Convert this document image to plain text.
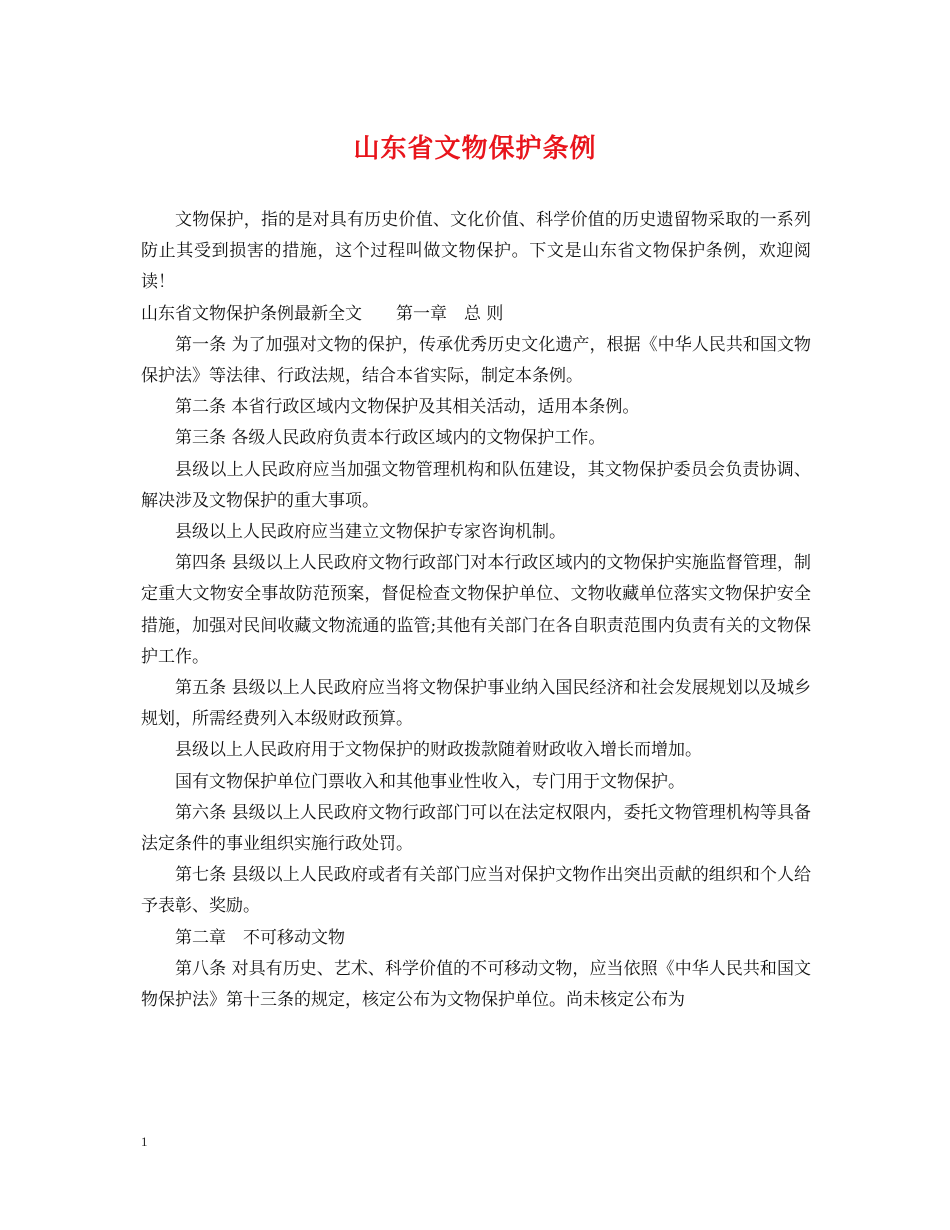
山东省文物保护条例

文物保护，指的是对具有历史价值、文化价值、科学价值的历史遗留物采取的一系列防止其受到损害的措施，这个过程叫做文物保护。下文是山东省文物保护条例，欢迎阅读！

山东省文物保护条例最新全文　　第一章　总 则

第一条 为了加强对文物的保护，传承优秀历史文化遗产，根据《中华人民共和国文物保护法》等法律、行政法规，结合本省实际，制定本条例。

第二条 本省行政区域内文物保护及其相关活动，适用本条例。

第三条 各级人民政府负责本行政区域内的文物保护工作。

县级以上人民政府应当加强文物管理机构和队伍建设，其文物保护委员会负责协调、解决涉及文物保护的重大事项。

县级以上人民政府应当建立文物保护专家咨询机制。

第四条 县级以上人民政府文物行政部门对本行政区域内的文物保护实施监督管理，制定重大文物安全事故防范预案，督促检查文物保护单位、文物收藏单位落实文物保护安全措施，加强对民间收藏文物流通的监管;其他有关部门在各自职责范围内负责有关的文物保护工作。

第五条 县级以上人民政府应当将文物保护事业纳入国民经济和社会发展规划以及城乡规划，所需经费列入本级财政预算。

县级以上人民政府用于文物保护的财政拨款随着财政收入增长而增加。

国有文物保护单位门票收入和其他事业性收入，专门用于文物保护。

第六条 县级以上人民政府文物行政部门可以在法定权限内，委托文物管理机构等具备法定条件的事业组织实施行政处罚。

第七条 县级以上人民政府或者有关部门应当对保护文物作出突出贡献的组织和个人给予表彰、奖励。

第二章　不可移动文物

第八条 对具有历史、艺术、科学价值的不可移动文物，应当依照《中华人民共和国文物保护法》第十三条的规定，核定公布为文物保护单位。尚未核定公布为

1
